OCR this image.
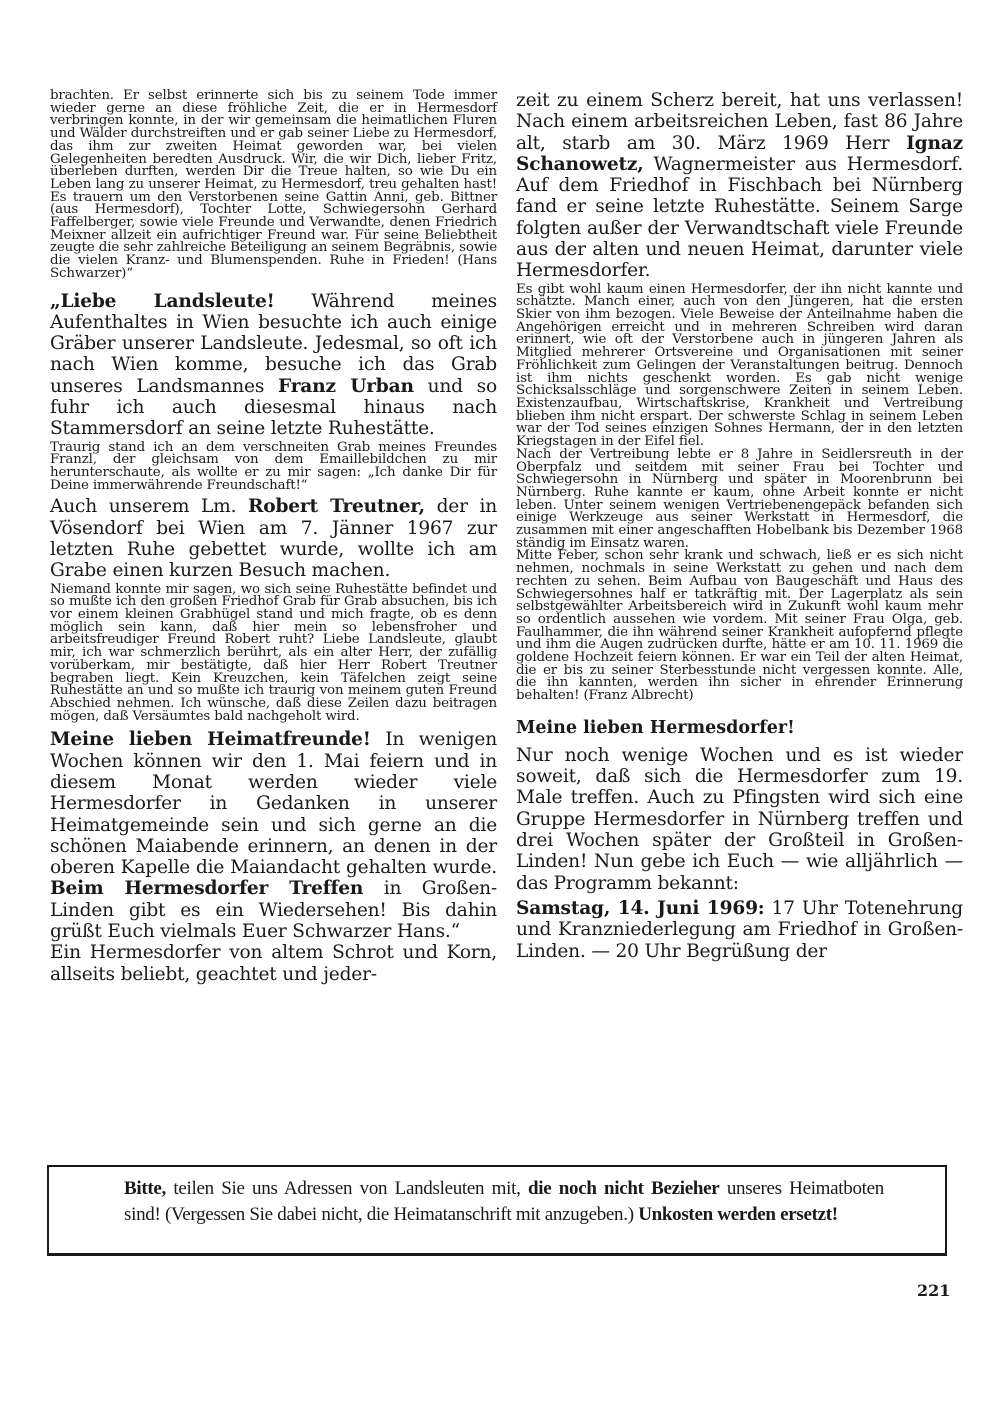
brachten. Er selbst erinnerte sich bis zu seinem Tode immer wieder gerne an diese fröhliche Zeit, die er in Hermesdorf verbringen konnte, in der wir gemeinsam die heimatlichen Fluren und Wälder durchstreiften und er gab seiner Liebe zu Hermesdorf, das ihm zur zweiten Heimat geworden war, bei vielen Gelegenheiten beredten Ausdruck. Wir, die wir Dich, lieber Fritz, überleben durften, werden Dir die Treue halten, so wie Du ein Leben lang zu unserer Heimat, zu Hermesdorf, treu gehalten hast! Es trauern um den Verstorbenen seine Gattin Anni, geb. Bittner (aus Hermesdorf), Tochter Lotte, Schwiegersohn Gerhard Faffelberger, sowie viele Freunde und Verwandte, denen Friedrich Meixner allzeit ein aufrichtiger Freund war. Für seine Beliebtheit zeugte die sehr zahlreiche Beteiligung an seinem Begräbnis, sowie die vielen Kranz- und Blumenspenden. Ruhe in Frieden! (Hans Schwarzer)“

„Liebe Landsleute! Während meines Aufenthaltes in Wien besuchte ich auch einige Gräber unserer Landsleute. Jedesmal, so oft ich nach Wien komme, besuche ich das Grab unseres Landsmannes Franz Urban und so fuhr ich auch diesesmal hinaus nach Stammersdorf an seine letzte Ruhestätte.

Traurig stand ich an dem verschneiten Grab meines Freundes Franzl, der gleichsam von dem Emaillebildchen zu mir herunterschaute, als wollte er zu mir sagen: „Ich danke Dir für Deine immerwährende Freundschaft!“

Auch unserem Lm. Robert Treutner, der in Vösendorf bei Wien am 7. Jänner 1967 zur letzten Ruhe gebettet wurde, wollte ich am Grabe einen kurzen Besuch machen.

Niemand konnte mir sagen, wo sich seine Ruhestätte befindet und so mußte ich den großen Friedhof Grab für Grab absuchen, bis ich vor einem kleinen Grabhügel stand und mich fragte, ob es denn möglich sein kann, daß hier mein so lebensfroher und arbeitsfreudiger Freund Robert ruht? Liebe Landsleute, glaubt mir, ich war schmerzlich berührt, als ein alter Herr, der zufällig vorüberkam, mir bestätigte, daß hier Herr Robert Treutner begraben liegt. Kein Kreuzchen, kein Täfelchen zeigt seine Ruhestätte an und so mußte ich traurig von meinem guten Freund Abschied nehmen. Ich wünsche, daß diese Zeilen dazu beitragen mögen, daß Versäumtes bald nachgeholt wird.

Meine lieben Heimatfreunde! In wenigen Wochen können wir den 1. Mai feiern und in diesem Monat werden wieder viele Hermesdorfer in Gedanken in unserer Heimatgemeinde sein und sich gerne an die schönen Maiabende erinnern, an denen in der oberen Kapelle die Maiandacht gehalten wurde. Beim Hermesdorfer Treffen in Großen-Linden gibt es ein Wiedersehen! Bis dahin grüßt Euch vielmals Euer Schwarzer Hans.“

Ein Hermesdorfer von altem Schrot und Korn, allseits beliebt, geachtet und jeder-

zeit zu einem Scherz bereit, hat uns verlassen! Nach einem arbeitsreichen Leben, fast 86 Jahre alt, starb am 30. März 1969 Herr Ignaz Schanowetz, Wagnermeister aus Hermesdorf. Auf dem Friedhof in Fischbach bei Nürnberg fand er seine letzte Ruhestätte. Seinem Sarge folgten außer der Verwandtschaft viele Freunde aus der alten und neuen Heimat, darunter viele Hermesdorfer.

Es gibt wohl kaum einen Hermesdorfer, der ihn nicht kannte und schätzte. Manch einer, auch von den Jüngeren, hat die ersten Skier von ihm bezogen. Viele Beweise der Anteilnahme haben die Angehörigen erreicht und in mehreren Schreiben wird daran erinnert, wie oft der Verstorbene auch in jüngeren Jahren als Mitglied mehrerer Ortsvereine und Organisationen mit seiner Fröhlichkeit zum Gelingen der Veranstaltungen beitrug. Dennoch ist ihm nichts geschenkt worden. Es gab nicht wenige Schicksalsschläge und sorgenschwere Zeiten in seinem Leben. Existenzaufbau, Wirtschaftskrise, Krankheit und Vertreibung blieben ihm nicht erspart. Der schwerste Schlag in seinem Leben war der Tod seines einzigen Sohnes Hermann, der in den letzten Kriegstagen in der Eifel fiel.

Nach der Vertreibung lebte er 8 Jahre in Seidlersreuth in der Oberpfalz und seitdem mit seiner Frau bei Tochter und Schwiegersohn in Nürnberg und später in Moorenbrunn bei Nürnberg. Ruhe kannte er kaum, ohne Arbeit konnte er nicht leben. Unter seinem wenigen Vertriebenengepäck befanden sich einige Werkzeuge aus seiner Werkstatt in Hermesdorf, die zusammen mit einer angeschafften Hobelbank bis Dezember 1968 ständig im Einsatz waren.

Mitte Feber, schon sehr krank und schwach, ließ er es sich nicht nehmen, nochmals in seine Werkstatt zu gehen und nach dem rechten zu sehen. Beim Aufbau von Baugeschäft und Haus des Schwiegersohnes half er tatkräftig mit. Der Lagerplatz als sein selbstgewählter Arbeitsbereich wird in Zukunft wohl kaum mehr so ordentlich aussehen wie vordem. Mit seiner Frau Olga, geb. Faulhammer, die ihn während seiner Krankheit aufopfernd pflegte und ihm die Augen zudrücken durfte, hätte er am 10. 11. 1969 die goldene Hochzeit feiern können. Er war ein Teil der alten Heimat, die er bis zu seiner Sterbesstunde nicht vergessen konnte. Alle, die ihn kannten, werden ihn sicher in ehrender Erinnerung behalten! (Franz Albrecht)

Meine lieben Hermesdorfer!

Nur noch wenige Wochen und es ist wieder soweit, daß sich die Hermesdorfer zum 19. Male treffen. Auch zu Pfingsten wird sich eine Gruppe Hermesdorfer in Nürnberg treffen und drei Wochen später der Großteil in Großen-Linden! Nun gebe ich Euch — wie alljährlich — das Programm bekannt:

Samstag, 14. Juni 1969: 17 Uhr Totenehrung und Kranzniederlegung am Friedhof in Großen-Linden. — 20 Uhr Begrüßung der

Bitte, teilen Sie uns Adressen von Landsleuten mit, die noch nicht Bezieher unseres Heimatboten sind! (Vergessen Sie dabei nicht, die Heimatanschrift mit anzugeben.) Unkosten werden ersetzt!

221
